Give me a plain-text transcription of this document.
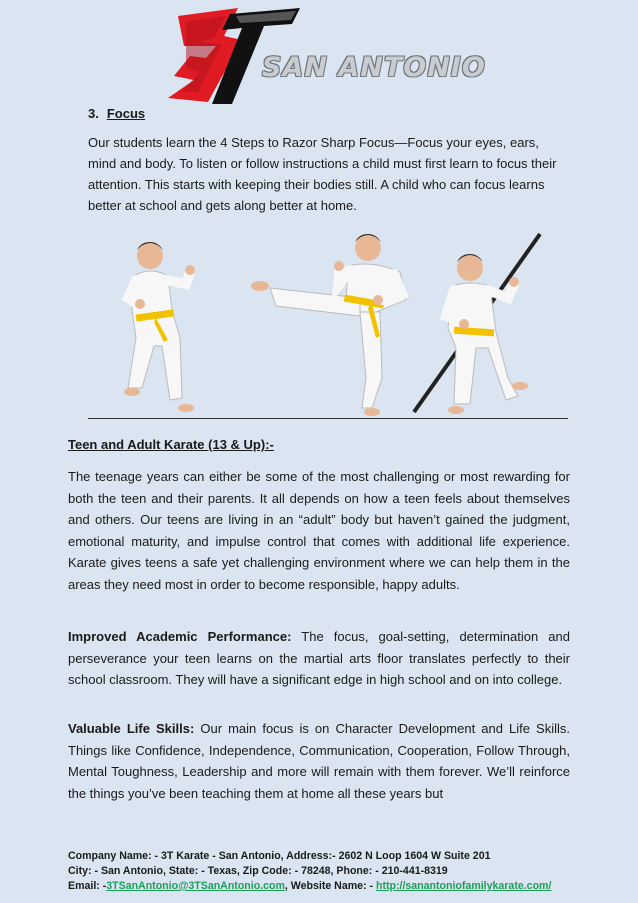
SAN ANTONIO
3. Focus
Our students learn the 4 Steps to Razor Sharp Focus—Focus your eyes, ears, mind and body. To listen or follow instructions a child must first learn to focus their attention. This starts with keeping their bodies still. A child who can focus learns better at school and gets along better at home.
Teen and Adult Karate (13 & Up):-
The teenage years can either be some of the most challenging or most rewarding for both the teen and their parents. It all depends on how a teen feels about themselves and others. Our teens are living in an “adult” body but haven’t gained the judgment, emotional maturity, and impulse control that comes with additional life experience. Karate gives teens a safe yet challenging environment where we can help them in the areas they need most in order to become responsible, happy adults.
Improved Academic Performance: The focus, goal-setting, determination and perseverance your teen learns on the martial arts floor translates perfectly to their school classroom. They will have a significant edge in high school and on into college.
Valuable Life Skills: Our main focus is on Character Development and Life Skills. Things like Confidence, Independence, Communication, Cooperation, Follow Through, Mental Toughness, Leadership and more will remain with them forever. We’ll reinforce the things you’ve been teaching them at home all these years but
Company Name: - 3T Karate - San Antonio, Address:- 2602 N Loop 1604 W Suite 201
City: - San Antonio, State: - Texas, Zip Code: - 78248, Phone: - 210-441-8319
Email: -3TSanAntonio@3TSanAntonio.com, Website Name: - http://sanantoniofamilykarate.com/
